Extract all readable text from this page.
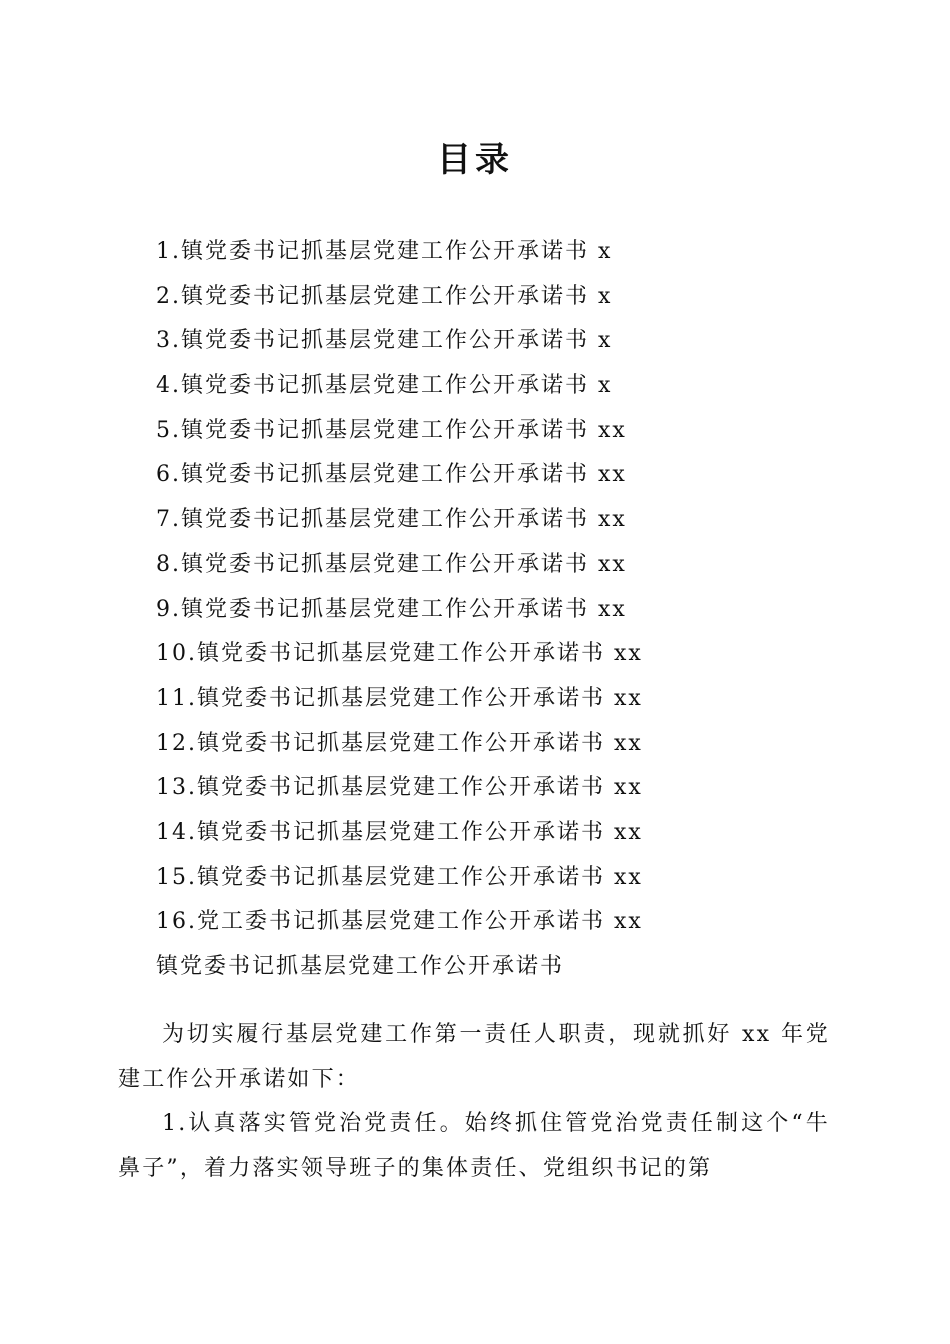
目录
1.镇党委书记抓基层党建工作公开承诺书 x
2.镇党委书记抓基层党建工作公开承诺书 x
3.镇党委书记抓基层党建工作公开承诺书 x
4.镇党委书记抓基层党建工作公开承诺书 x
5.镇党委书记抓基层党建工作公开承诺书 xx
6.镇党委书记抓基层党建工作公开承诺书 xx
7.镇党委书记抓基层党建工作公开承诺书 xx
8.镇党委书记抓基层党建工作公开承诺书 xx
9.镇党委书记抓基层党建工作公开承诺书 xx
10.镇党委书记抓基层党建工作公开承诺书 xx
11.镇党委书记抓基层党建工作公开承诺书 xx
12.镇党委书记抓基层党建工作公开承诺书 xx
13.镇党委书记抓基层党建工作公开承诺书 xx
14.镇党委书记抓基层党建工作公开承诺书 xx
15.镇党委书记抓基层党建工作公开承诺书 xx
16.党工委书记抓基层党建工作公开承诺书 xx
镇党委书记抓基层党建工作公开承诺书

为切实履行基层党建工作第一责任人职责，现就抓好 xx 年党建工作公开承诺如下：

1.认真落实管党治党责任。始终抓住管党治党责任制这个“牛鼻子”，着力落实领导班子的集体责任、党组织书记的第
